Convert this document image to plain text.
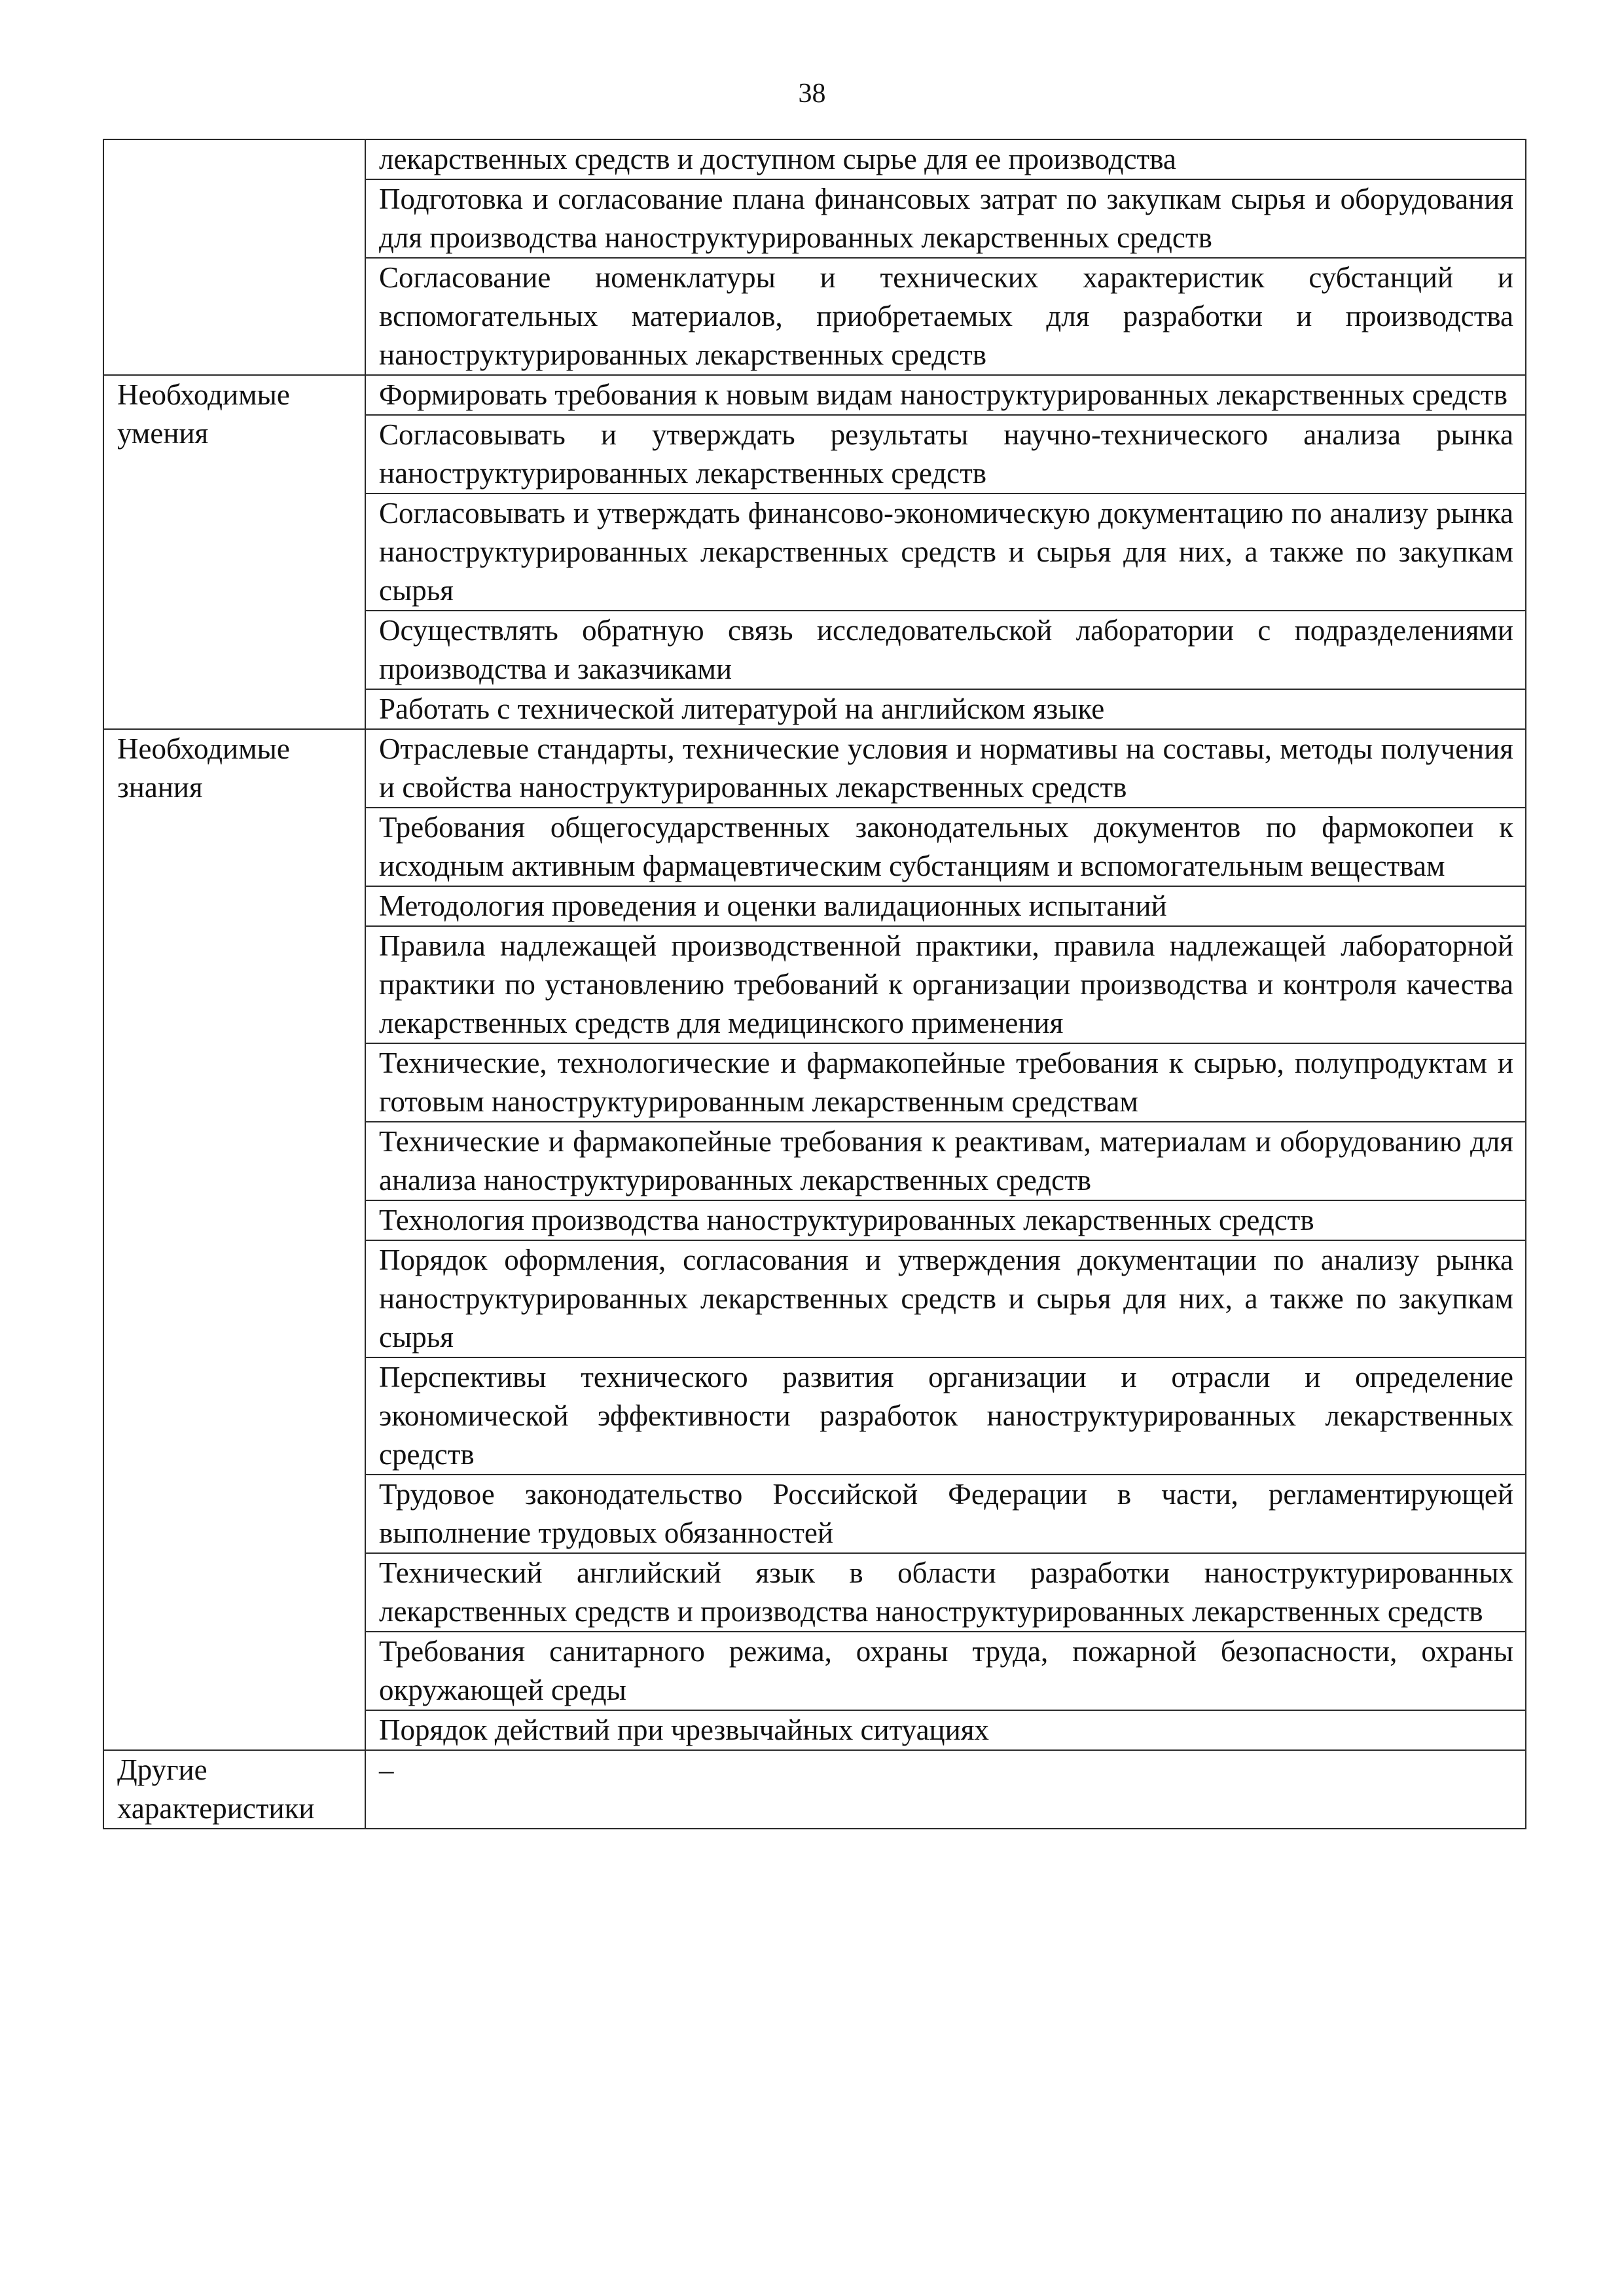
38
	лекарственных средств и доступном сырье для ее производства
	Подготовка и согласование плана финансовых затрат по закупкам сырья и оборудования для производства наноструктурированных лекарственных средств
	Согласование номенклатуры и технических характеристик субстанций и вспомогательных материалов, приобретаемых для разработки и производства наноструктурированных лекарственных средств
Необходимые умения	Формировать требования к новым видам наноструктурированных лекарственных средств
	Согласовывать и утверждать результаты научно-технического анализа рынка наноструктурированных лекарственных средств
	Согласовывать и утверждать финансово-экономическую документацию по анализу рынка наноструктурированных лекарственных средств и сырья для них, а также по закупкам сырья
	Осуществлять обратную связь исследовательской лаборатории с подразделениями производства и заказчиками
	Работать с технической литературой на английском языке
Необходимые знания	Отраслевые стандарты, технические условия и нормативы на составы, методы получения и свойства наноструктурированных лекарственных средств
	Требования общегосударственных законодательных документов по фармокопеи к исходным активным фармацевтическим субстанциям и вспомогательным веществам
	Методология проведения и оценки валидационных испытаний
	Правила надлежащей производственной практики, правила надлежащей лабораторной практики по установлению требований к организации производства и контроля качества лекарственных средств для медицинского применения
	Технические, технологические и фармакопейные требования к сырью, полупродуктам и готовым наноструктурированным лекарственным средствам
	Технические и фармакопейные требования к реактивам, материалам и оборудованию для анализа наноструктурированных лекарственных средств
	Технология производства наноструктурированных лекарственных средств
	Порядок оформления, согласования и утверждения документации по анализу рынка наноструктурированных лекарственных средств и сырья для них, а также по закупкам сырья
	Перспективы технического развития организации и отрасли и определение экономической эффективности разработок наноструктурированных лекарственных средств
	Трудовое законодательство Российской Федерации в части, регламентирующей выполнение трудовых обязанностей
	Технический английский язык в области разработки наноструктурированных лекарственных средств и производства наноструктурированных лекарственных средств
	Требования санитарного режима, охраны труда, пожарной безопасности, охраны окружающей среды
	Порядок действий при чрезвычайных ситуациях
Другие характеристики	–
